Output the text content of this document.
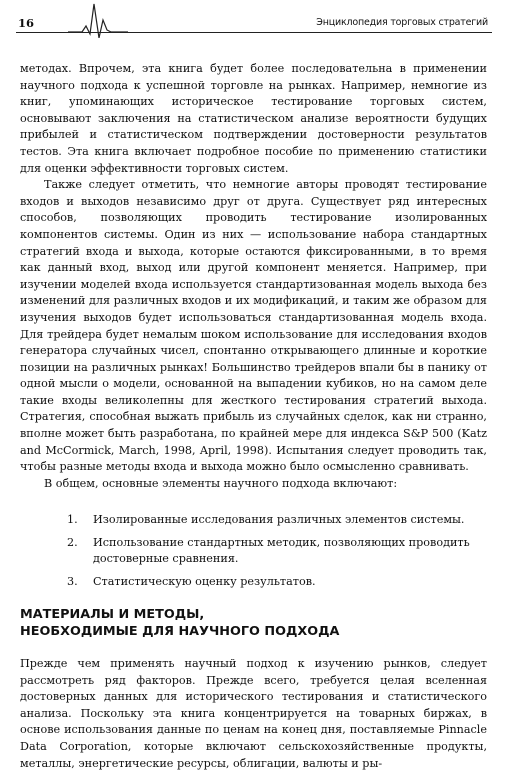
16	Энциклопедия торговых стратегий

методах. Впрочем, эта книга будет более последовательна в применении научного подхода к успешной торговле на рынках. Например, немногие из книг, упоминающих историческое тестирование торговых систем, основывают заключения на статистическом анализе вероятности будущих прибылей и статистическом подтверждении достоверности результатов тестов. Эта книга включает подробное пособие по применению статистики для оценки эффективности торговых систем.

Также следует отметить, что немногие авторы проводят тестирование входов и выходов независимо друг от друга. Существует ряд интересных способов, позволяющих проводить тестирование изолированных компонентов системы. Один из них — использование набора стандартных стратегий входа и выхода, которые остаются фиксированными, в то время как данный вход, выход или другой компонент меняется. Например, при изучении моделей входа используется стандартизованная модель выхода без изменений для различных входов и их модификаций, и таким же образом для изучения выходов будет использоваться стандартизованная модель входа. Для трейдера будет немалым шоком использование для исследования входов генератора случайных чисел, спонтанно открывающего длинные и короткие позиции на различных рынках! Большинство трейдеров впали бы в панику от одной мысли о модели, основанной на выпадении кубиков, но на самом деле такие входы великолепны для жесткого тестирования стратегий выхода. Стратегия, способная выжать прибыль из случайных сделок, как ни странно, вполне может быть разработана, по крайней мере для индекса S&P 500 (Katz and McCormick, March, 1998, April, 1998). Испытания следует проводить так, чтобы разные методы входа и выхода можно было осмысленно сравнивать.

В общем, основные элементы научного подхода включают:

1. Изолированные исследования различных элементов системы.
2. Использование стандартных методик, позволяющих проводить достоверные сравнения.
3. Статистическую оценку результатов.
МАТЕРИАЛЫ И МЕТОДЫ,
НЕОБХОДИМЫЕ ДЛЯ НАУЧНОГО ПОДХОДА

Прежде чем применять научный подход к изучению рынков, следует рассмотреть ряд факторов. Прежде всего, требуется целая вселенная достоверных данных для исторического тестирования и статистического анализа. Поскольку эта книга концентрируется на товарных биржах, в основе использования данные по ценам на конец дня, поставляемые Pinnacle Data Corporation, которые включают сельскохозяйственные продукты, металлы, энергетические ресурсы, облигации, валюты и ры-
